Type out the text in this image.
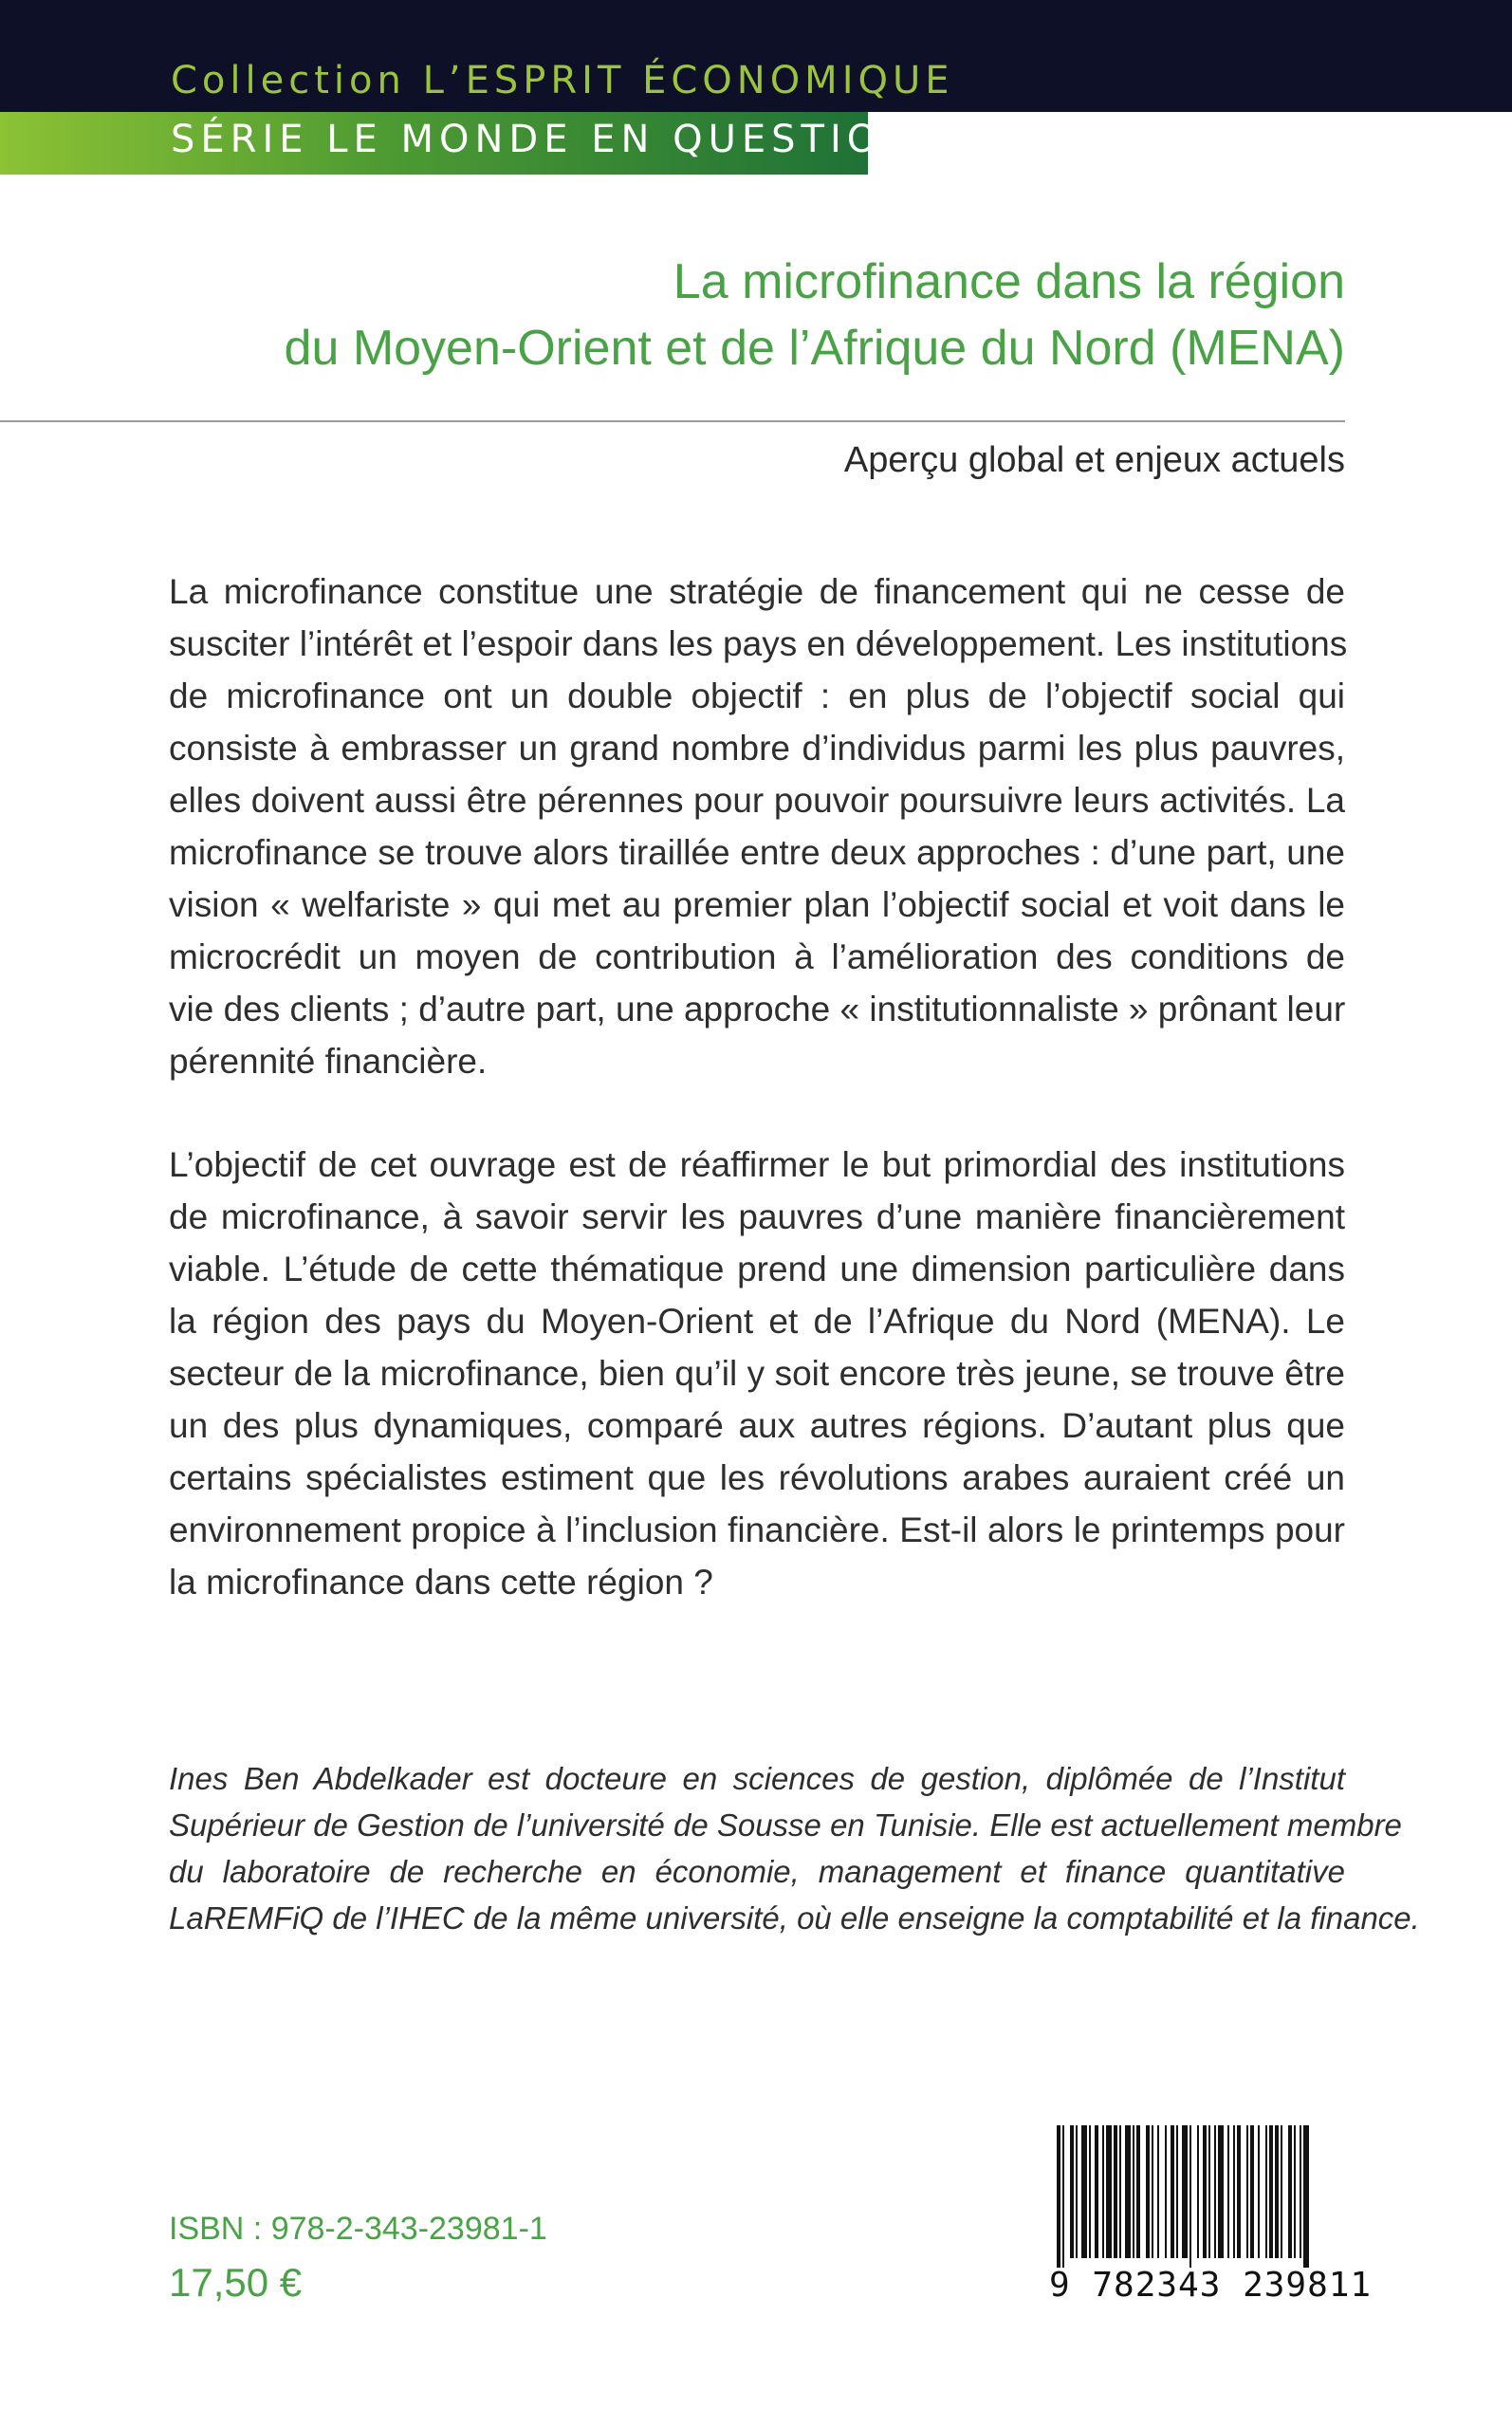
Collection L’ESPRIT ÉCONOMIQUE
SÉRIE LE MONDE EN QUESTION
La microfinance dans la région
du Moyen-Orient et de l’Afrique du Nord (MENA)
Aperçu global et enjeux actuels
La microfinance constitue une stratégie de financement qui ne cesse de
susciter l’intérêt et l’espoir dans les pays en développement. Les institutions
de microfinance ont un double objectif : en plus de l’objectif social qui
consiste à embrasser un grand nombre d’individus parmi les plus pauvres,
elles doivent aussi être pérennes pour pouvoir poursuivre leurs activités. La
microfinance se trouve alors tiraillée entre deux approches : d’une part, une
vision « welfariste » qui met au premier plan l’objectif social et voit dans le
microcrédit un moyen de contribution à l’amélioration des conditions de
vie des clients ; d’autre part, une approche « institutionnaliste » prônant leur
pérennité financière.
L’objectif de cet ouvrage est de réaffirmer le but primordial des institutions
de microfinance, à savoir servir les pauvres d’une manière financièrement
viable. L’étude de cette thématique prend une dimension particulière dans
la région des pays du Moyen-Orient et de l’Afrique du Nord (MENA). Le
secteur de la microfinance, bien qu’il y soit encore très jeune, se trouve être
un des plus dynamiques, comparé aux autres régions. D’autant plus que
certains spécialistes estiment que les révolutions arabes auraient créé un
environnement propice à l’inclusion financière. Est-il alors le printemps pour
la microfinance dans cette région ?
Ines Ben Abdelkader est docteure en sciences de gestion, diplômée de l’Institut
Supérieur de Gestion de l’université de Sousse en Tunisie. Elle est actuellement membre
du laboratoire de recherche en économie, management et finance quantitative
LaREMFiQ de l’IHEC de la même université, où elle enseigne la comptabilité et la finance.
ISBN : 978-2-343-23981-1
17,50 €	9 782343 239811
